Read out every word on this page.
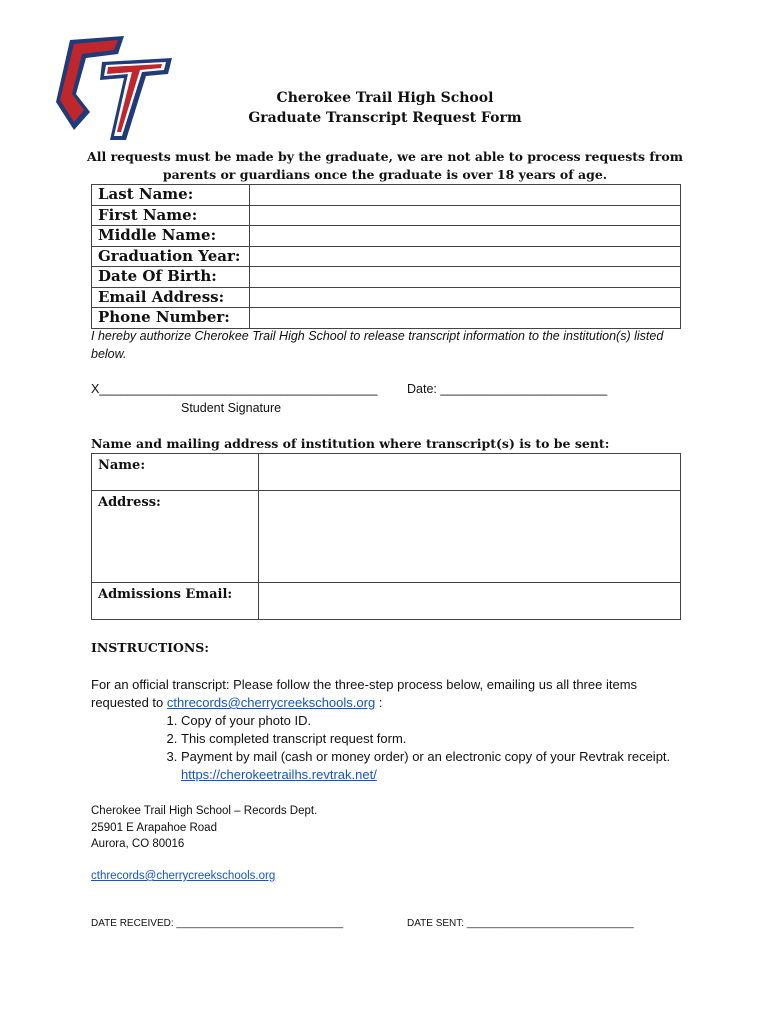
CT	Cherokee Trail High School
Graduate Transcript Request Form
All requests must be made by the graduate, we are not able to process requests from
parents or guardians once the graduate is over 18 years of age.
Last Name:	
First Name:	
Middle Name:	
Graduation Year:	
Date Of Birth:	
Email Address:	
Phone Number:	
I hereby authorize Cherokee Trail High School to release transcript information to the institution(s) listed below.
X________________________________________ Date: ________________________
Student Signature
Name and mailing address of institution where transcript(s) is to be sent:
Name:	
Address:	
Admissions Email:	
INSTRUCTIONS:
For an official transcript: Please follow the three-step process below, emailing us all three items requested to cthrecords@cherrycreekschools.org :
1. Copy of your photo ID.
2. This completed transcript request form.
3. Payment by mail (cash or money order) or an electronic copy of your Revtrak receipt. https://cherokeetrailhs.revtrak.net/
Cherokee Trail High School – Records Dept.
25901 E Arapahoe Road
Aurora, CO 80016
cthrecords@cherrycreekschools.org
DATE RECEIVED: ______________________________	DATE SENT: ______________________________
